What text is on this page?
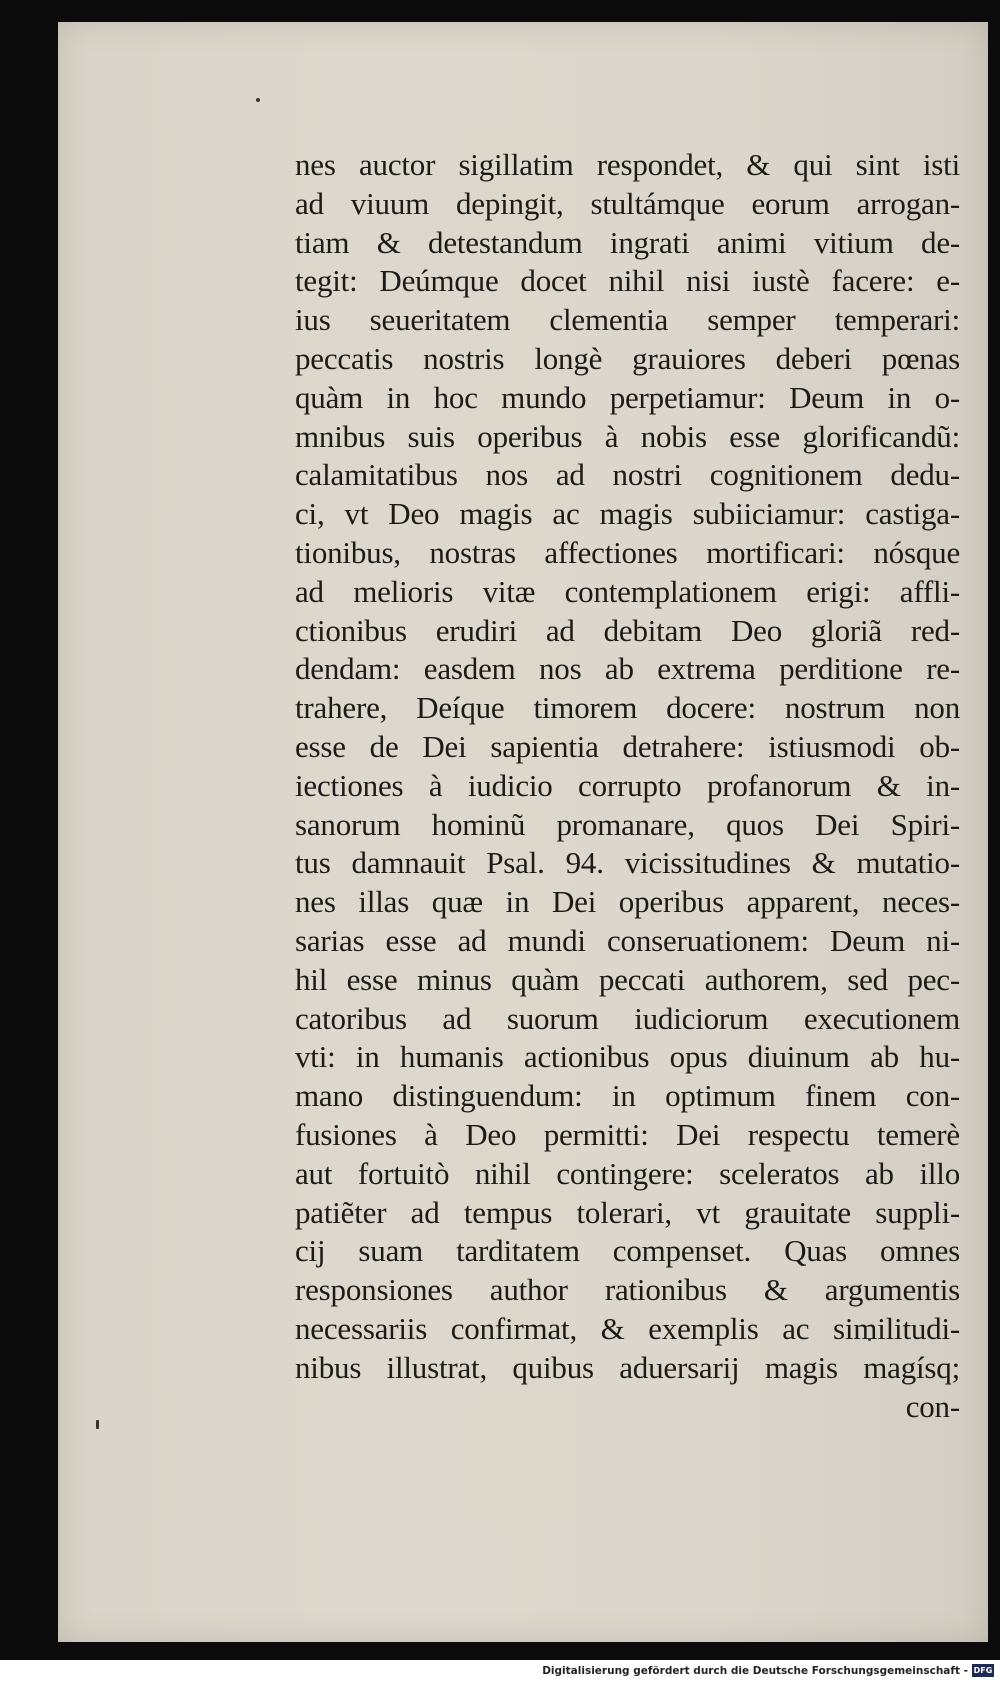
nes auctor sigillatim respondet, & qui sint isti
ad viuum depingit, stultámque eorum arrogan-
tiam & detestandum ingrati animi vitium de-
tegit: Deúmque docet nihil nisi iustè facere: e-
ius seueritatem clementia semper temperari:
peccatis nostris longè grauiores deberi pœnas
quàm in hoc mundo perpetiamur: Deum in o-
mnibus suis operibus à nobis esse glorificandũ:
calamitatibus nos ad nostri cognitionem dedu-
ci, vt Deo magis ac magis subiiciamur: castiga-
tionibus, nostras affectiones mortificari: nósque
ad melioris vitæ contemplationem erigi: affli-
ctionibus erudiri ad debitam Deo gloriã red-
dendam: easdem nos ab extrema perditione re-
trahere, Deíque timorem docere: nostrum non
esse de Dei sapientia detrahere: istiusmodi ob-
iectiones à iudicio corrupto profanorum & in-
sanorum hominũ promanare, quos Dei Spiri-
tus damnauit Psal. 94. vicissitudines & mutatio-
nes illas quæ in Dei operibus apparent, neces-
sarias esse ad mundi conseruationem: Deum ni-
hil esse minus quàm peccati authorem, sed pec-
catoribus ad suorum iudiciorum executionem
vti: in humanis actionibus opus diuinum ab hu-
mano distinguendum: in optimum finem con-
fusiones à Deo permitti: Dei respectu temerè
aut fortuitò nihil contingere: sceleratos ab illo
patiẽter ad tempus tolerari, vt grauitate suppli-
cij suam tarditatem compenset. Quas omnes
responsiones author rationibus & argumentis
necessariis confirmat, & exemplis ac similitudi-
nibus illustrat, quibus aduersarij magis magísq;
con-
Digitalisierung gefördert durch die Deutsche Forschungsgemeinschaft - DFG
